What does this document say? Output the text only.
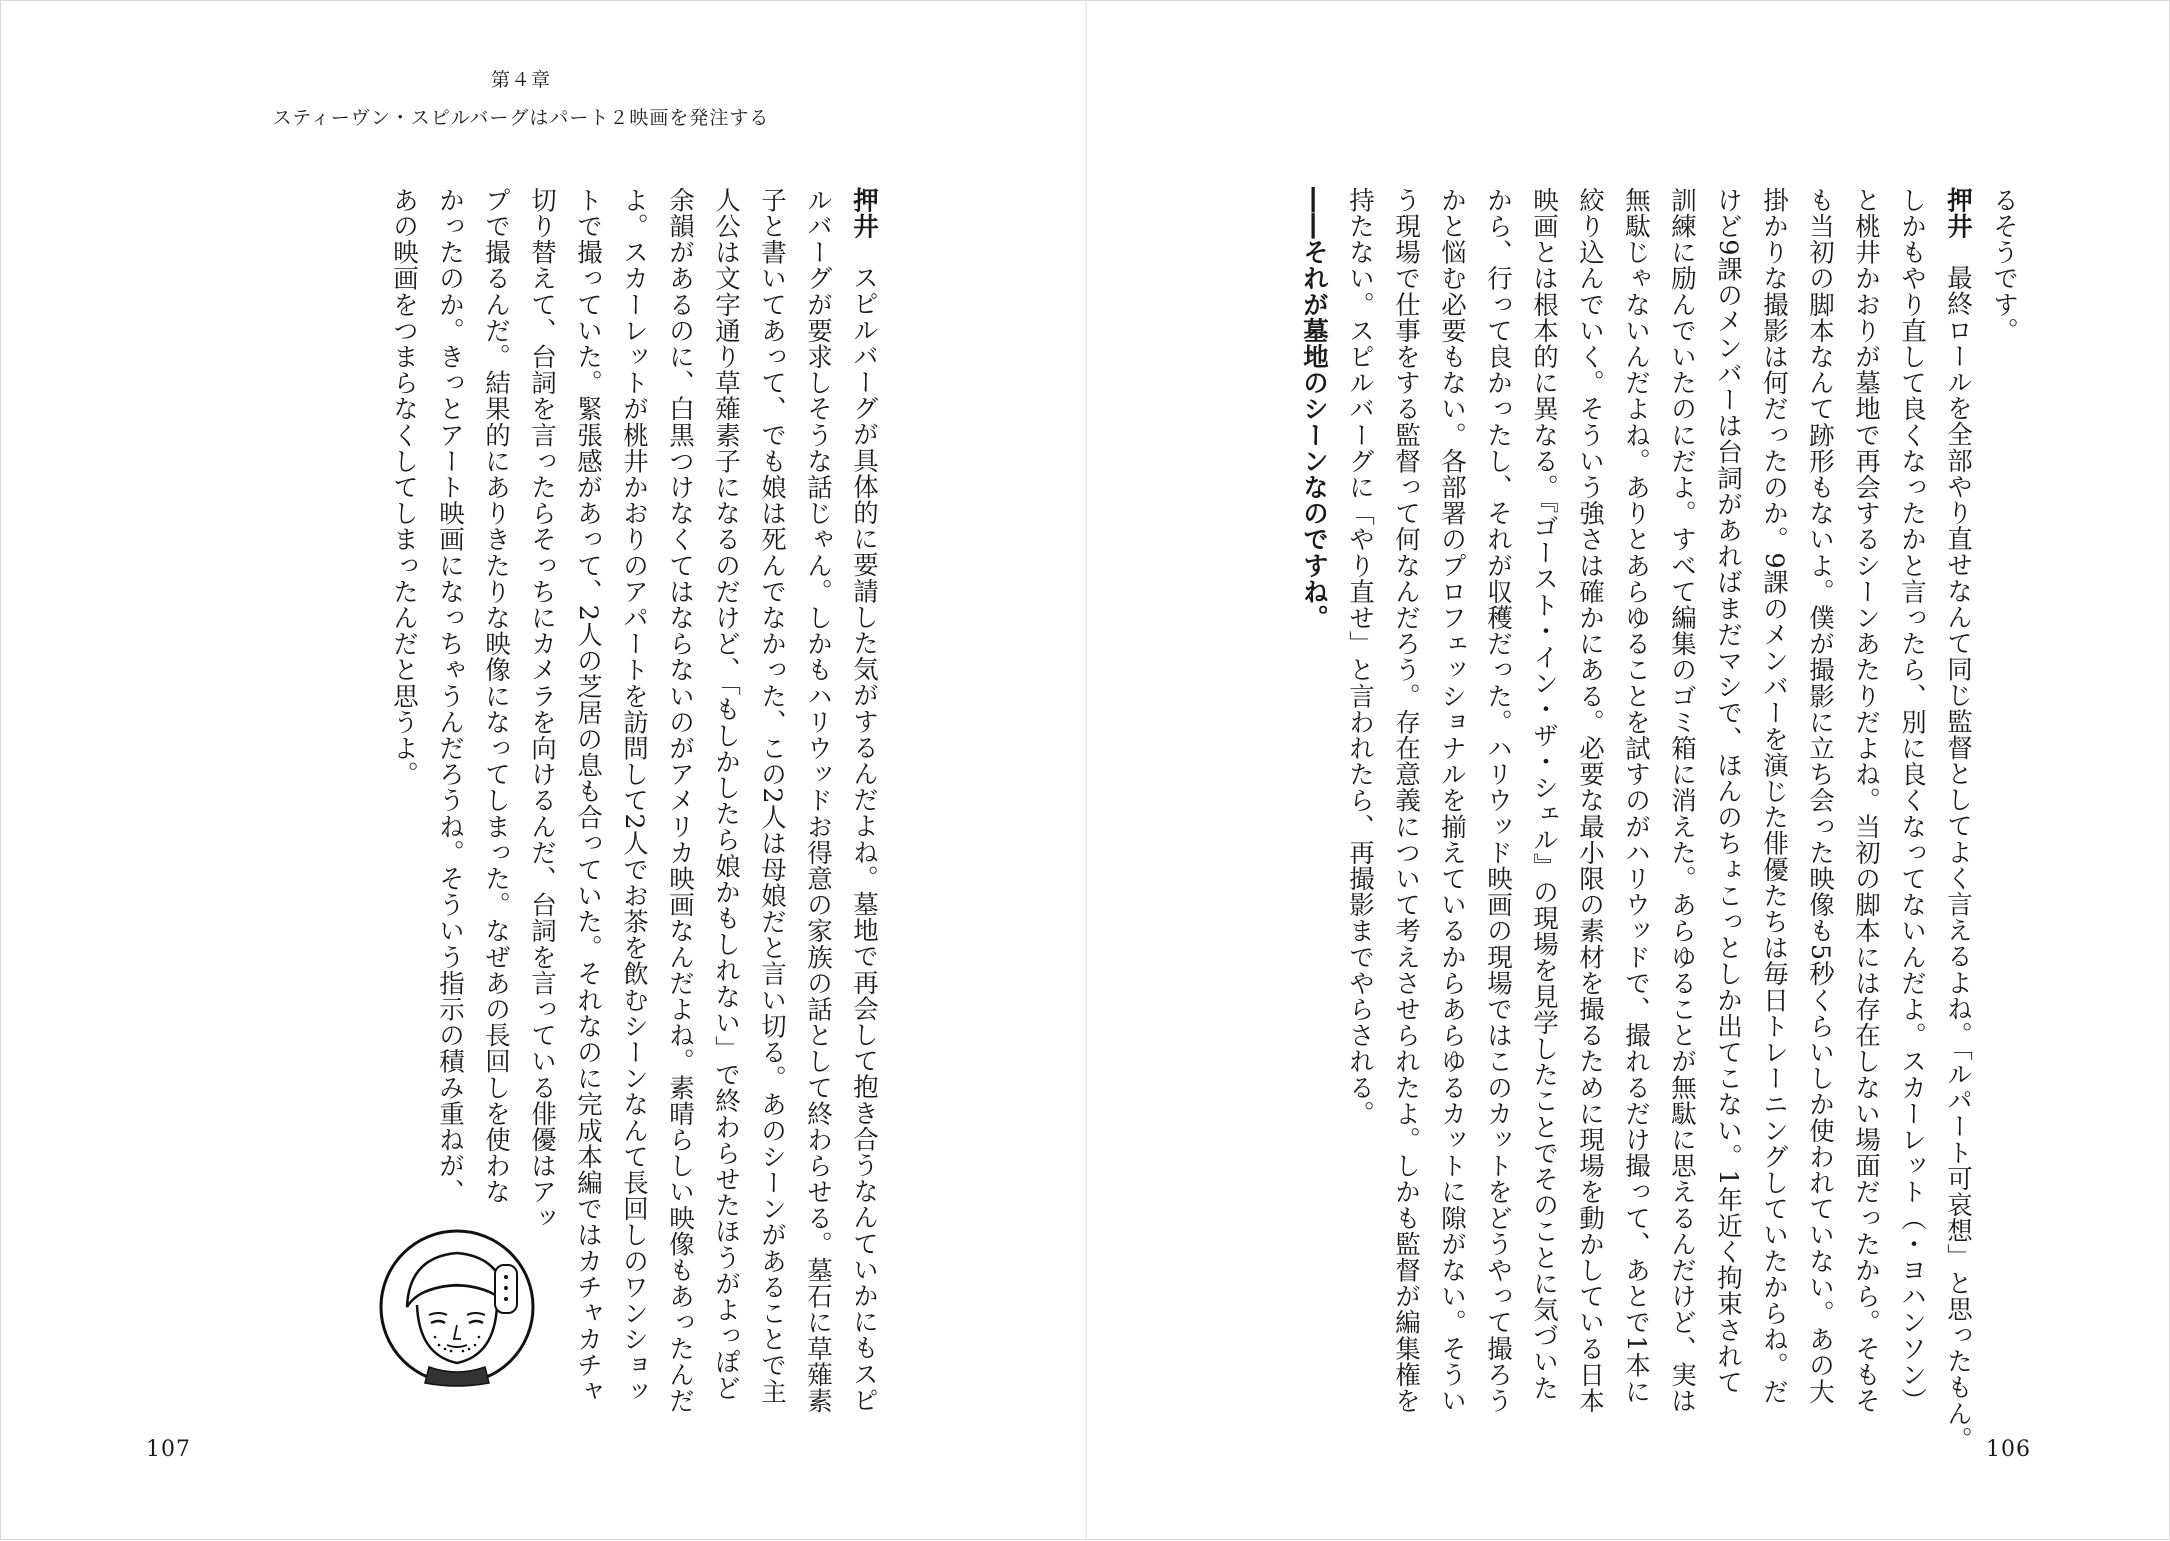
第４章
スティーヴン・スピルバーグはパート２映画を発注する
るそうです。
押井最終ロールを全部やり直せなんて同じ監督としてよく言えるよね。「ルパート可哀想」と思ったもん。
しかもやり直して良くなったかと言ったら、別に良くなってないんだよ。スカーレット（・ヨハンソン）
と桃井かおりが墓地で再会するシーンあたりだよね。当初の脚本には存在しない場面だったから。そもそ
も当初の脚本なんて跡形もないよ。僕が撮影に立ち会った映像も5秒くらいしか使われていない。あの大
掛かりな撮影は何だったのか。9課のメンバーを演じた俳優たちは毎日トレーニングしていたからね。だ
けど9課のメンバーは台詞があればまだマシで、ほんのちょこっとしか出てこない。1年近く拘束されて
訓練に励んでいたのにだよ。すべて編集のゴミ箱に消えた。あらゆることが無駄に思えるんだけど、実は
無駄じゃないんだよね。ありとあらゆることを試すのがハリウッドで、撮れるだけ撮って、あとで1本に
絞り込んでいく。そういう強さは確かにある。必要な最小限の素材を撮るために現場を動かしている日本
映画とは根本的に異なる。『ゴースト・イン・ザ・シェル』の現場を見学したことでそのことに気づいた
から、行って良かったし、それが収穫だった。ハリウッド映画の現場ではこのカットをどうやって撮ろう
かと悩む必要もない。各部署のプロフェッショナルを揃えているからあらゆるカットに隙がない。そうい
う現場で仕事をする監督って何なんだろう。存在意義について考えさせられたよ。しかも監督が編集権を
持たない。スピルバーグに「やり直せ」と言われたら、再撮影までやらされる。
――それが墓地のシーンなのですね。
押井スピルバーグが具体的に要請した気がするんだよね。墓地で再会して抱き合うなんていかにもスピ
ルバーグが要求しそうな話じゃん。しかもハリウッドお得意の家族の話として終わらせる。墓石に草薙素
子と書いてあって、でも娘は死んでなかった、この2人は母娘だと言い切る。あのシーンがあることで主
人公は文字通り草薙素子になるのだけど、「もしかしたら娘かもしれない」で終わらせたほうがよっぽど
余韻があるのに、白黒つけなくてはならないのがアメリカ映画なんだよね。素晴らしい映像もあったんだ
よ。スカーレットが桃井かおりのアパートを訪問して2人でお茶を飲むシーンなんて長回しのワンショッ
トで撮っていた。緊張感があって、2人の芝居の息も合っていた。それなのに完成本編ではカチャカチャ
切り替えて、台詞を言ったらそっちにカメラを向けるんだ、台詞を言っている俳優はアッ
プで撮るんだ。結果的にありきたりな映像になってしまった。なぜあの長回しを使わな
かったのか。きっとアート映画になっちゃうんだろうね。そういう指示の積み重ねが、
あの映画をつまらなくしてしまったんだと思うよ。
107	106
